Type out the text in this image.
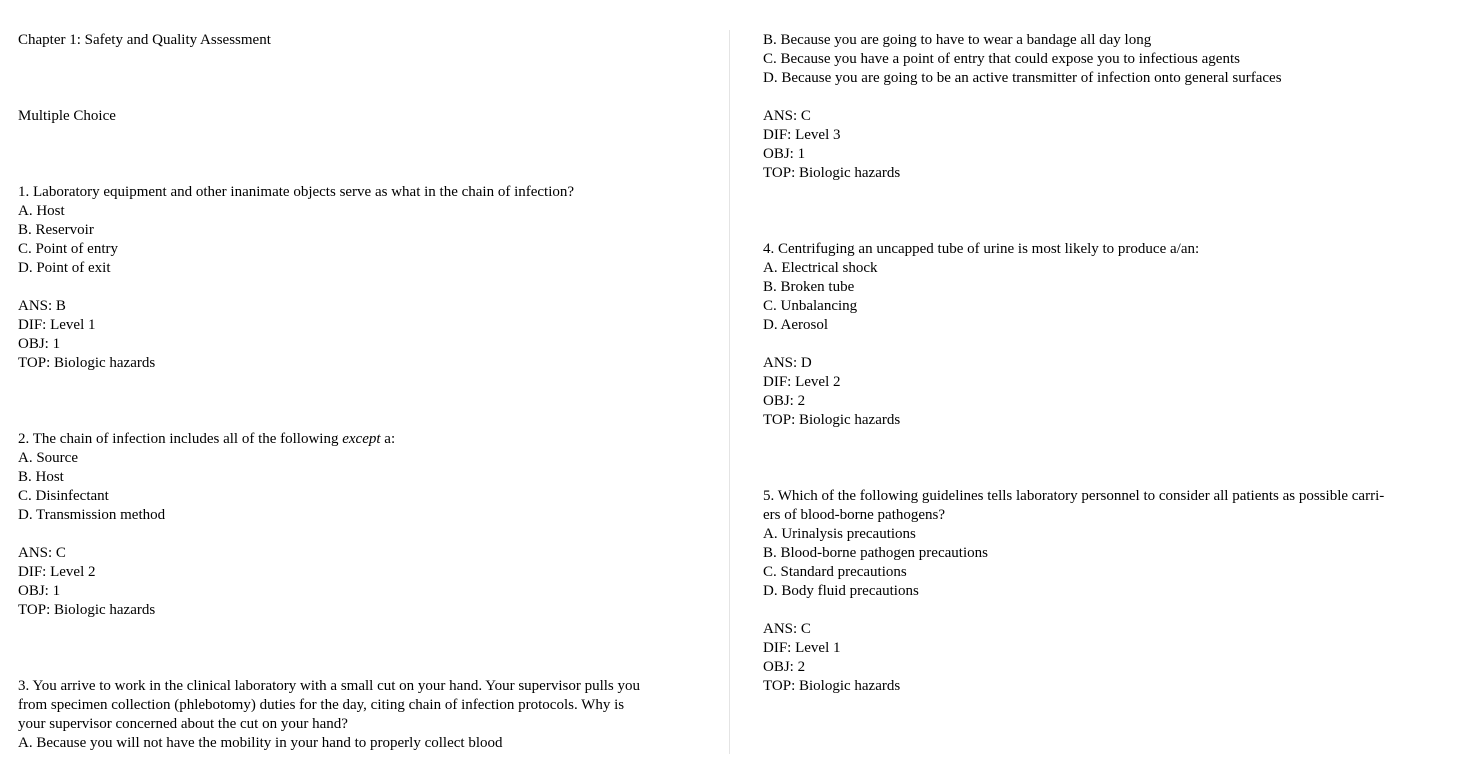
Chapter 1: Safety and Quality Assessment
Multiple Choice
1. Laboratory equipment and other inanimate objects serve as what in the chain of infection?
A. Host
B. Reservoir
C. Point of entry
D. Point of exit
ANS: B
DIF: Level 1
OBJ: 1
TOP: Biologic hazards
2. The chain of infection includes all of the following except a:
A. Source
B. Host
C. Disinfectant
D. Transmission method
ANS: C
DIF: Level 2
OBJ: 1
TOP: Biologic hazards
3. You arrive to work in the clinical laboratory with a small cut on your hand. Your supervisor pulls you
from specimen collection (phlebotomy) duties for the day, citing chain of infection protocols. Why is
your supervisor concerned about the cut on your hand?
A. Because you will not have the mobility in your hand to properly collect blood
B. Because you are going to have to wear a bandage all day long
C. Because you have a point of entry that could expose you to infectious agents
D. Because you are going to be an active transmitter of infection onto general surfaces
ANS: C
DIF: Level 3
OBJ: 1
TOP: Biologic hazards
4. Centrifuging an uncapped tube of urine is most likely to produce a/an:
A. Electrical shock
B. Broken tube
C. Unbalancing
D. Aerosol
ANS: D
DIF: Level 2
OBJ: 2
TOP: Biologic hazards
5. Which of the following guidelines tells laboratory personnel to consider all patients as possible carri-
ers of blood-borne pathogens?
A. Urinalysis precautions
B. Blood-borne pathogen precautions
C. Standard precautions
D. Body fluid precautions
ANS: C
DIF: Level 1
OBJ: 2
TOP: Biologic hazards
